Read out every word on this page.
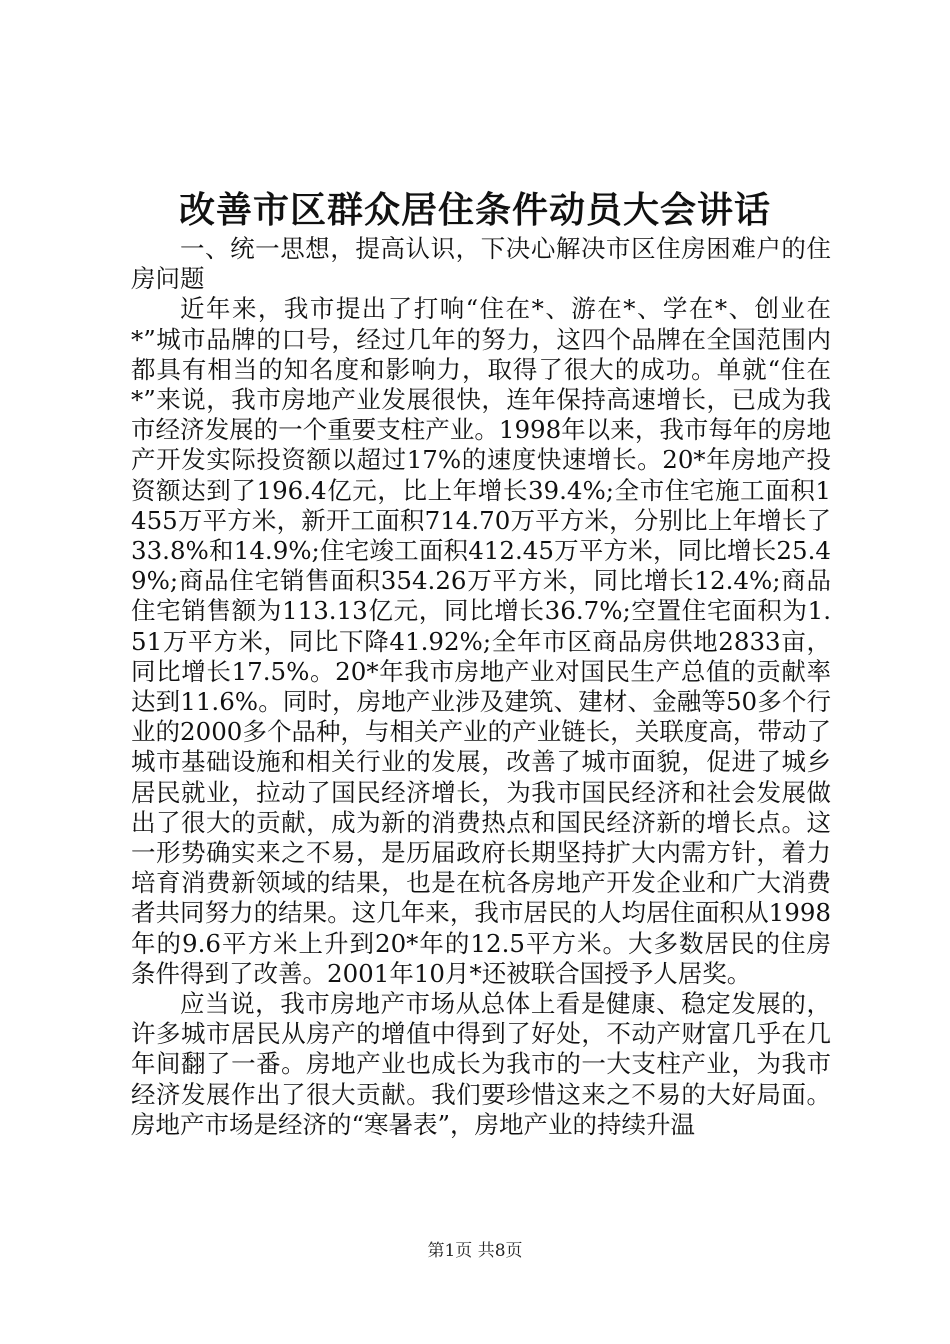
改善市区群众居住条件动员大会讲话

一、统一思想，提高认识，下决心解决市区住房困难户的住房问题

近年来，我市提出了打响“住在*、游在*、学在*、创业在*”城市品牌的口号，经过几年的努力，这四个品牌在全国范围内都具有相当的知名度和影响力，取得了很大的成功。单就“住在*”来说，我市房地产业发展很快，连年保持高速增长，已成为我市经济发展的一个重要支柱产业。1998年以来，我市每年的房地产开发实际投资额以超过17%的速度快速增长。20*年房地产投资额达到了196.4亿元，比上年增长39.4%;全市住宅施工面积1455万平方米，新开工面积714.70万平方米，分别比上年增长了33.8%和14.9%;住宅竣工面积412.45万平方米，同比增长25.49%;商品住宅销售面积354.26万平方米，同比增长12.4%;商品住宅销售额为113.13亿元，同比增长36.7%;空置住宅面积为1.51万平方米，同比下降41.92%;全年市区商品房供地2833亩，同比增长17.5%。20*年我市房地产业对国民生产总值的贡献率达到11.6%。同时，房地产业涉及建筑、建材、金融等50多个行业的2000多个品种，与相关产业的产业链长，关联度高，带动了城市基础设施和相关行业的发展，改善了城市面貌，促进了城乡居民就业，拉动了国民经济增长，为我市国民经济和社会发展做出了很大的贡献，成为新的消费热点和国民经济新的增长点。这一形势确实来之不易，是历届政府长期坚持扩大内需方针，着力培育消费新领域的结果，也是在杭各房地产开发企业和广大消费者共同努力的结果。这几年来，我市居民的人均居住面积从1998年的9.6平方米上升到20*年的12.5平方米。大多数居民的住房条件得到了改善。2001年10月*还被联合国授予人居奖。

应当说，我市房地产市场从总体上看是健康、稳定发展的，许多城市居民从房产的增值中得到了好处，不动产财富几乎在几年间翻了一番。房地产业也成长为我市的一大支柱产业，为我市经济发展作出了很大贡献。我们要珍惜这来之不易的大好局面。房地产市场是经济的“寒暑表”，房地产业的持续升温

第1页 共8页
